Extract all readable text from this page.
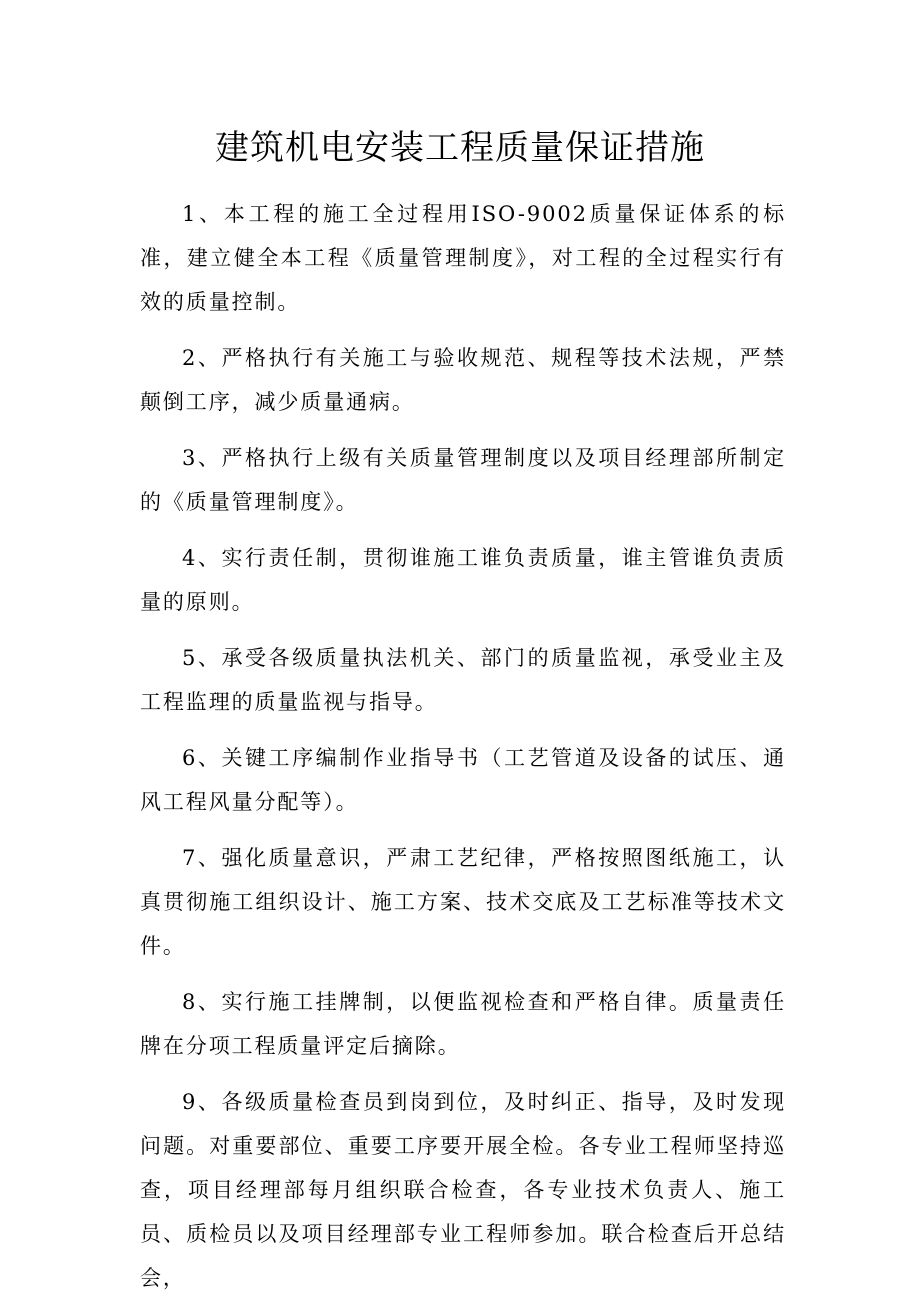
建筑机电安装工程质量保证措施

1、本工程的施工全过程用ISO-9002质量保证体系的标准，建立健全本工程《质量管理制度》，对工程的全过程实行有效的质量控制。

2、严格执行有关施工与验收规范、规程等技术法规，严禁颠倒工序，减少质量通病。

3、严格执行上级有关质量管理制度以及项目经理部所制定的《质量管理制度》。

4、实行责任制，贯彻谁施工谁负责质量，谁主管谁负责质量的原则。

5、承受各级质量执法机关、部门的质量监视，承受业主及工程监理的质量监视与指导。

6、关键工序编制作业指导书（工艺管道及设备的试压、通风工程风量分配等）。

7、强化质量意识，严肃工艺纪律，严格按照图纸施工，认真贯彻施工组织设计、施工方案、技术交底及工艺标准等技术文件。

8、实行施工挂牌制，以便监视检查和严格自律。质量责任牌在分项工程质量评定后摘除。

9、各级质量检查员到岗到位，及时纠正、指导，及时发现问题。对重要部位、重要工序要开展全检。各专业工程师坚持巡查，项目经理部每月组织联合检查，各专业技术负责人、施工员、质检员以及项目经理部专业工程师参加。联合检查后开总结会，
